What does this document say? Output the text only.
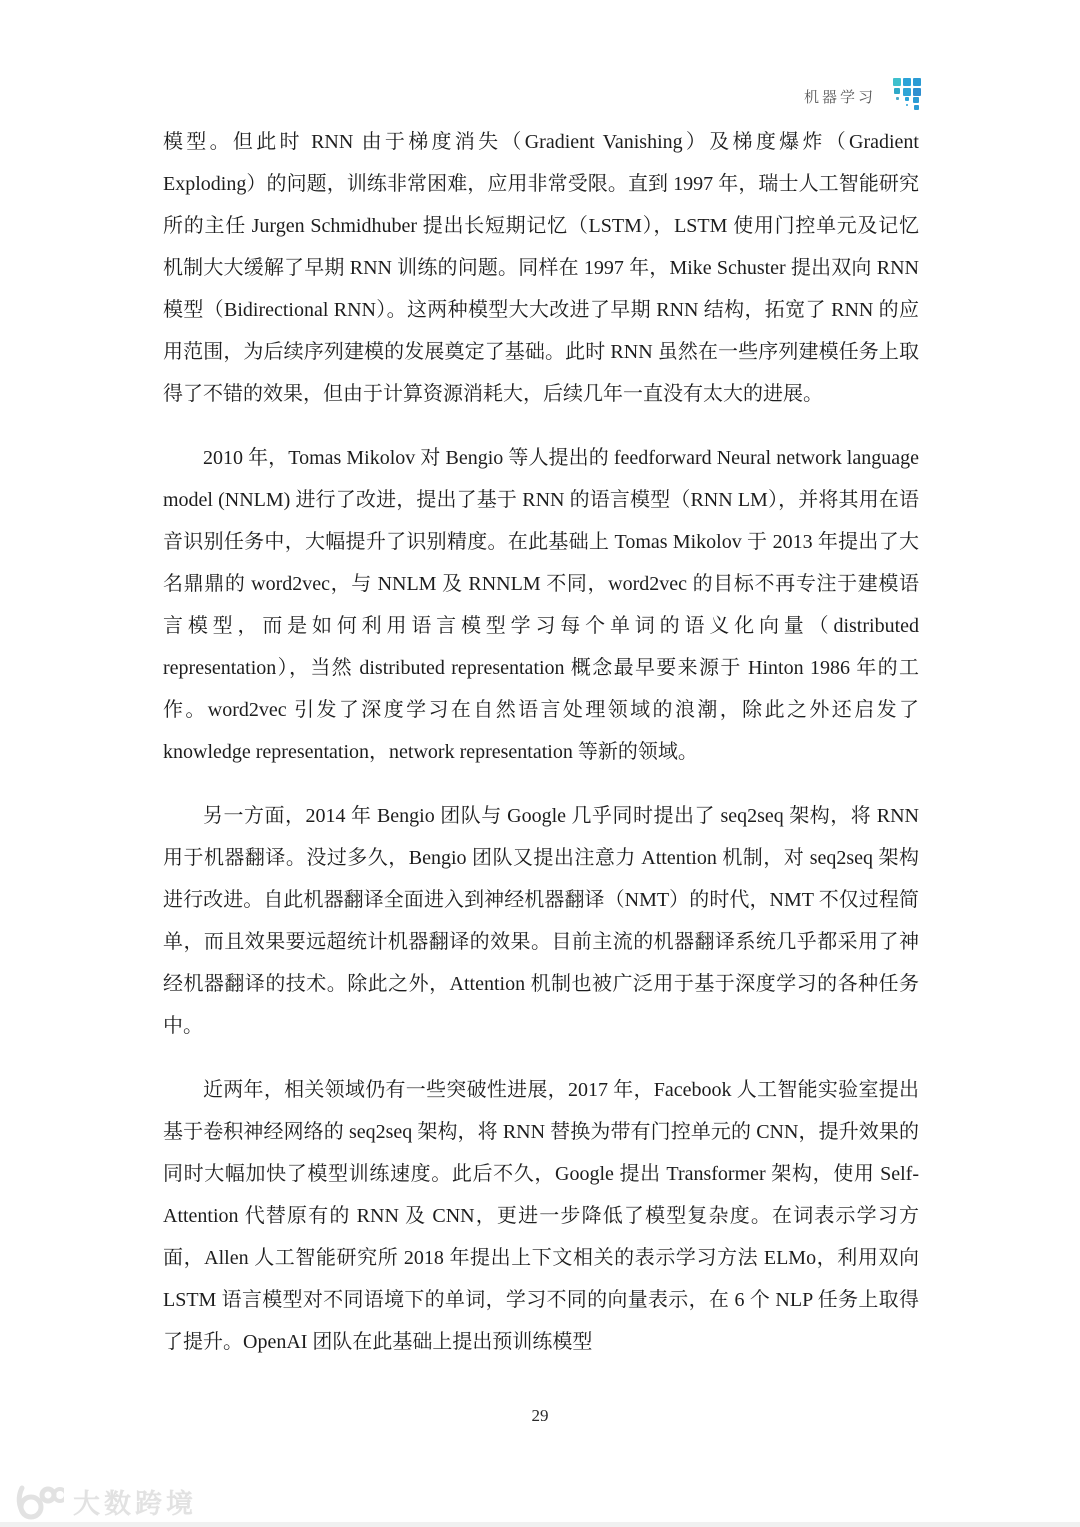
机器学习

模型。但此时 RNN 由于梯度消失（Gradient Vanishing）及梯度爆炸（Gradient Exploding）的问题，训练非常困难，应用非常受限。直到 1997 年，瑞士人工智能研究所的主任 Jurgen Schmidhuber 提出长短期记忆（LSTM），LSTM 使用门控单元及记忆机制大大缓解了早期 RNN 训练的问题。同样在 1997 年，Mike Schuster 提出双向 RNN 模型（Bidirectional RNN）。这两种模型大大改进了早期 RNN 结构，拓宽了 RNN 的应用范围，为后续序列建模的发展奠定了基础。此时 RNN 虽然在一些序列建模任务上取得了不错的效果，但由于计算资源消耗大，后续几年一直没有太大的进展。

2010 年，Tomas Mikolov 对 Bengio 等人提出的 feedforward Neural network language model (NNLM) 进行了改进，提出了基于 RNN 的语言模型（RNN LM），并将其用在语音识别任务中，大幅提升了识别精度。在此基础上 Tomas Mikolov 于 2013 年提出了大名鼎鼎的 word2vec，与 NNLM 及 RNNLM 不同，word2vec 的目标不再专注于建模语言模型，而是如何利用语言模型学习每个单词的语义化向量（distributed representation），当然 distributed representation 概念最早要来源于 Hinton 1986 年的工作。word2vec 引发了深度学习在自然语言处理领域的浪潮，除此之外还启发了 knowledge representation，network representation 等新的领域。

另一方面，2014 年 Bengio 团队与 Google 几乎同时提出了 seq2seq 架构，将 RNN 用于机器翻译。没过多久，Bengio 团队又提出注意力 Attention 机制，对 seq2seq 架构进行改进。自此机器翻译全面进入到神经机器翻译（NMT）的时代，NMT 不仅过程简单，而且效果要远超统计机器翻译的效果。目前主流的机器翻译系统几乎都采用了神经机器翻译的技术。除此之外，Attention 机制也被广泛用于基于深度学习的各种任务中。

近两年，相关领域仍有一些突破性进展，2017 年，Facebook 人工智能实验室提出基于卷积神经网络的 seq2seq 架构，将 RNN 替换为带有门控单元的 CNN，提升效果的同时大幅加快了模型训练速度。此后不久，Google 提出 Transformer 架构，使用 Self-Attention 代替原有的 RNN 及 CNN，更进一步降低了模型复杂度。在词表示学习方面，Allen 人工智能研究所 2018 年提出上下文相关的表示学习方法 ELMo，利用双向 LSTM 语言模型对不同语境下的单词，学习不同的向量表示，在 6 个 NLP 任务上取得了提升。OpenAI 团队在此基础上提出预训练模型

29
大数跨境
